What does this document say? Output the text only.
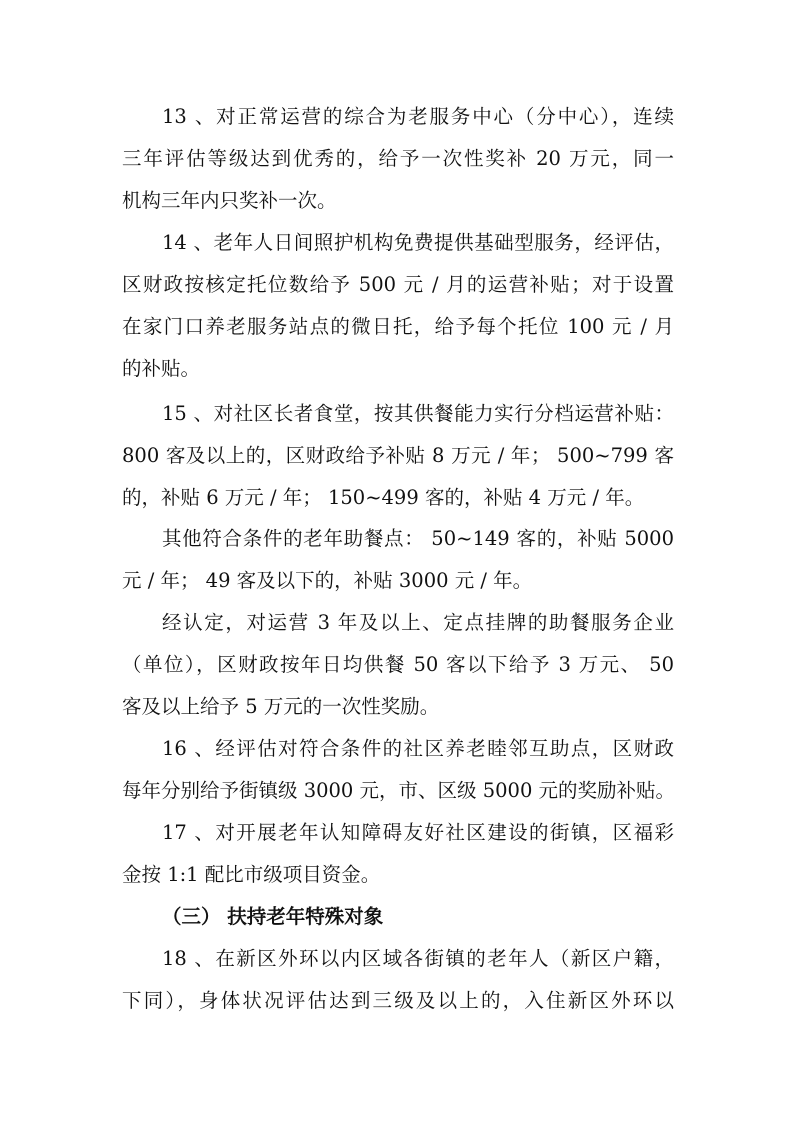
13 、对正常运营的综合为老服务中心（分中心），连续
三年评估等级达到优秀的，给予一次性奖补 20 万元，同一
机构三年内只奖补一次。
14 、老年人日间照护机构免费提供基础型服务，经评估，
区财政按核定托位数给予 500 元 / 月的运营补贴；对于设置
在家门口养老服务站点的微日托，给予每个托位 100 元 / 月
的补贴。
15 、对社区长者食堂，按其供餐能力实行分档运营补贴：
800 客及以上的，区财政给予补贴 8 万元 / 年； 500~799 客
的，补贴 6 万元 / 年； 150~499 客的，补贴 4 万元 / 年。
其他符合条件的老年助餐点： 50~149 客的，补贴 5000
元 / 年； 49 客及以下的，补贴 3000 元 / 年。
经认定，对运营 3 年及以上、定点挂牌的助餐服务企业
（单位），区财政按年日均供餐 50 客以下给予 3 万元、 50
客及以上给予 5 万元的一次性奖励。
16 、经评估对符合条件的社区养老睦邻互助点，区财政
每年分别给予街镇级 3000 元，市、区级 5000 元的奖励补贴。
17 、对开展老年认知障碍友好社区建设的街镇，区福彩
金按 1:1 配比市级项目资金。
（三） 扶持老年特殊对象
18 、在新区外环以内区域各街镇的老年人（新区户籍，
下同），身体状况评估达到三级及以上的，入住新区外环以
